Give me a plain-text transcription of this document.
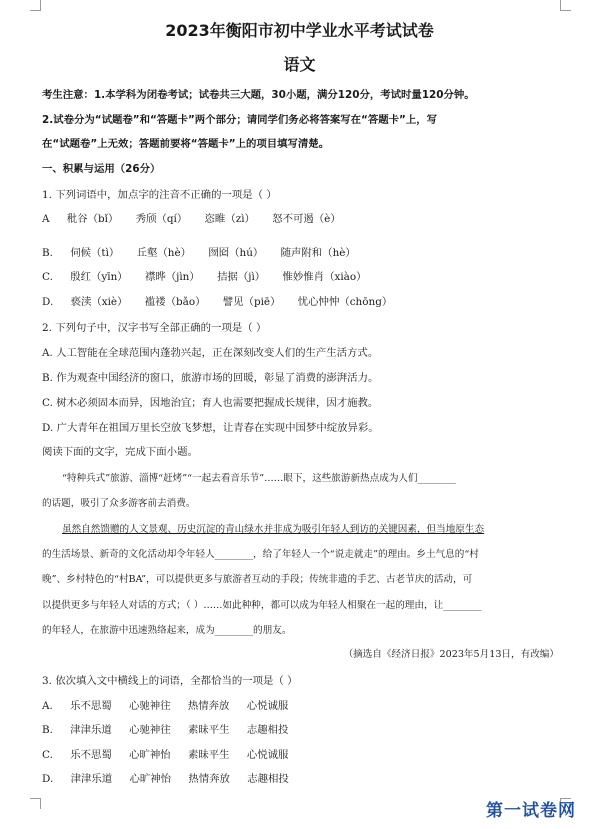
2023年衡阳市初中学业水平考试试卷
语文
考生注意：1.本学科为闭卷考试；试卷共三大题，30小题，满分120分，考试时量120分钟。
2.试卷分为“试题卷”和“答题卡”两个部分；请同学们务必将答案写在“答题卡”上，写
在“试题卷”上无效；答题前要将“答题卡”上的项目填写清楚。
一、积累与运用（26分）
1. 下列词语中，加点字的注音不正确的一项是（ ）
A 秕谷（bǐ） 秀颀（qí） 恣睢（zì） 怒不可遏（è）
B. 伺候（tì） 丘壑（hè） 囫囵（hú） 随声附和（hè）
C. 殷红（yīn） 襟晔（jìn） 拮据（jì） 惟妙惟肖（xiào）
D. 亵渎（xiè） 褴褛（bǎo） 譬见（piē） 忧心忡忡（chōng）
2. 下列句子中，汉字书写全部正确的一项是（ ）
A. 人工智能在全球范围内蓬勃兴起，正在深刻改变人们的生产生活方式。
B. 作为观查中国经济的窗口，旅游市场的回暖，彰显了消费的澎湃活力。
C. 树木必须固本而异，因地治宜；育人也需要把握成长规律，因才施教。
D. 广大青年在祖国万里长空放飞梦想，让青春在实现中国梦中绽放异彩。
阅读下面的文字，完成下面小题。
“特种兵式”旅游、淄博“赶烤”“一起去看音乐节”……眼下，这些旅游新热点成为人们________
的话题，吸引了众多游客前去消费。
虽然自然馈赠的人文景观、历史沉淀的青山绿水并非成为吸引年轻人到访的关键因素，但当地原生态
的生活场景、新奇的文化活动却令年轻人________，给了年轻人一个“说走就走”的理由。乡土气息的“村
晚”、乡村特色的“村BA”，可以提供更多与旅游者互动的手段；传统非遗的手艺、古老节庆的活动，可
以提供更多与年轻人对话的方式；（ ）……如此种种，都可以成为年轻人相聚在一起的理由，让________
的年轻人，在旅游中迅速熟络起来，成为________的朋友。
（摘选自《经济日报》2023年5月13日，有改编）
3. 依次填入文中横线上的词语，全都恰当的一项是（ ）
A. 乐不思蜀 心驰神往 热情奔放 心悦诚服
B. 津津乐道 心驰神往 素昧平生 志趣相投
C. 乐不思蜀 心旷神怡 素昧平生 心悦诚服
D. 津津乐道 心旷神怡 热情奔放 志趣相投
第一试卷网
